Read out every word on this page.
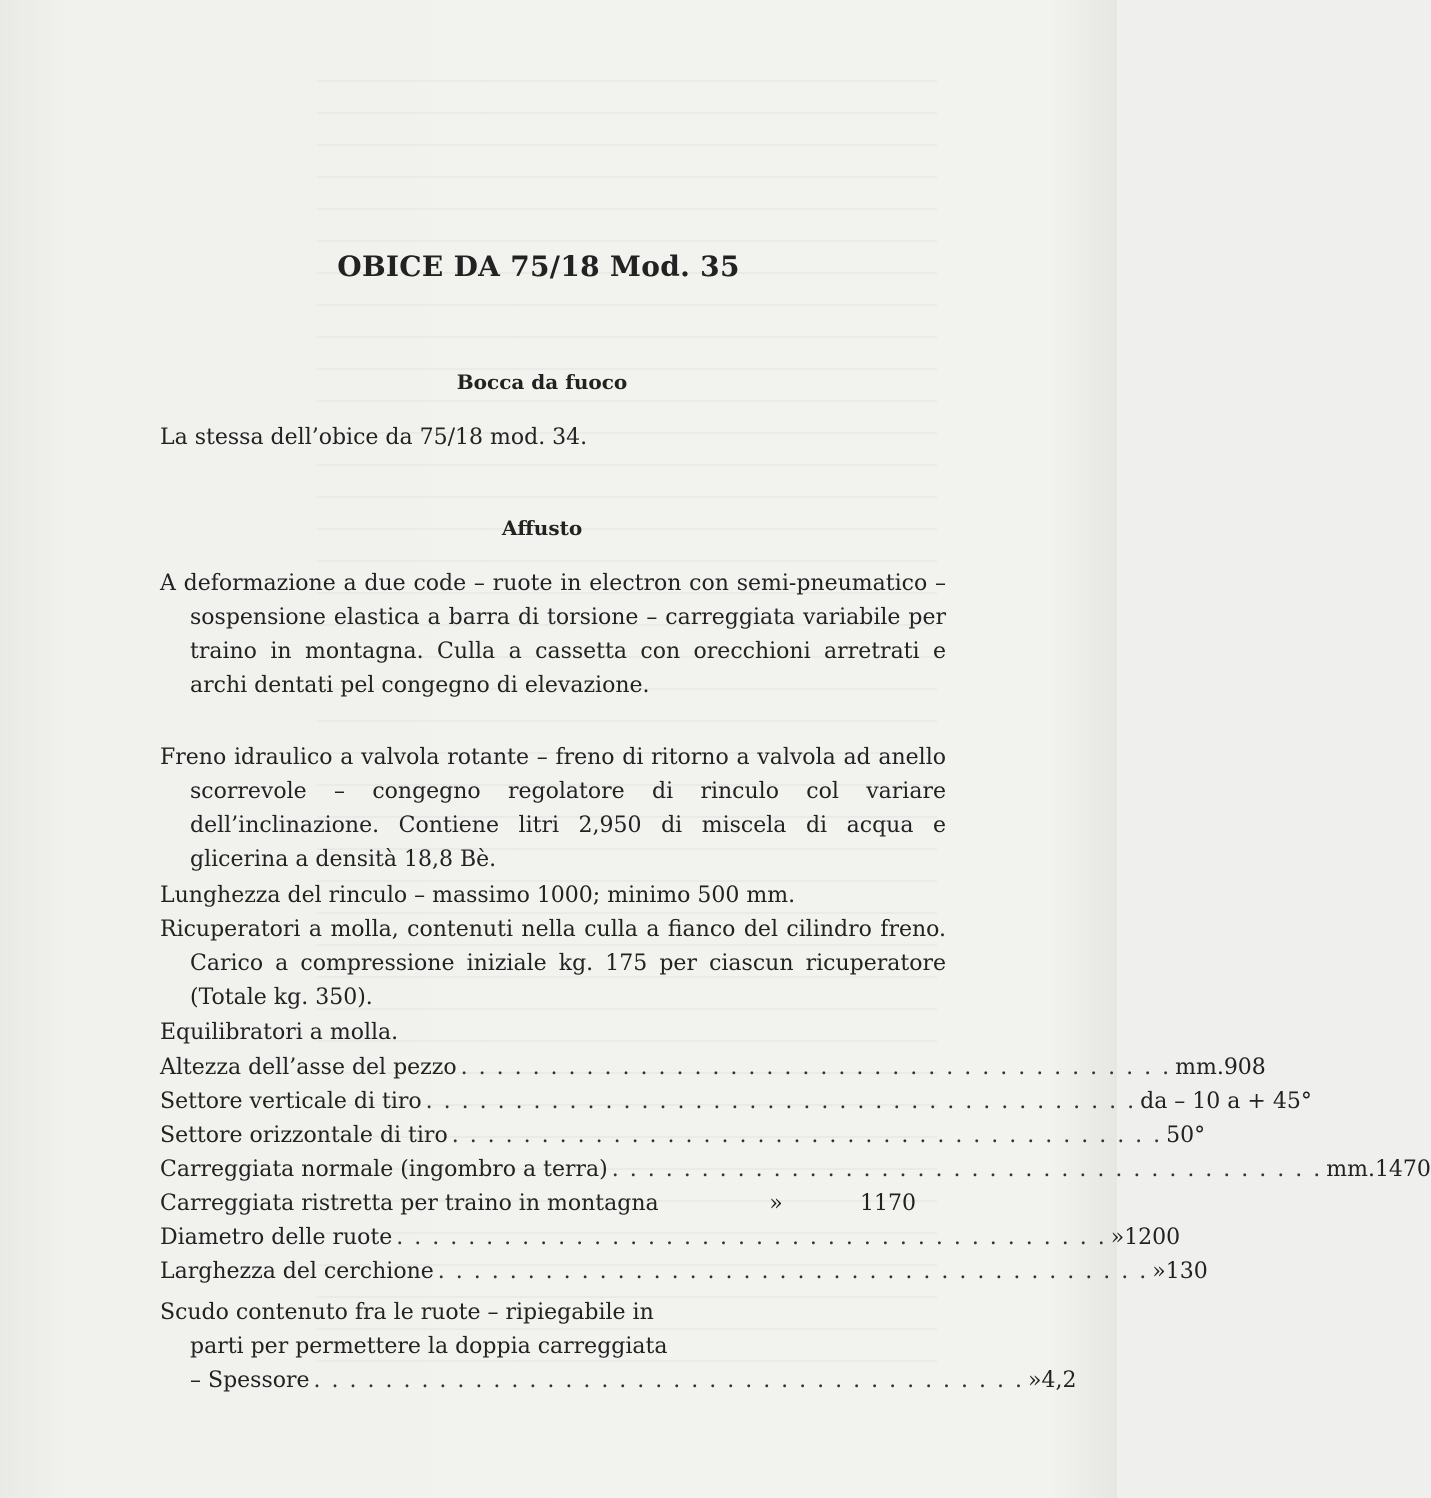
OBICE DA 75/18 Mod. 35
Bocca da fuoco
La stessa dell’obice da 75/18 mod. 34.
Affusto
A deformazione a due code – ruote in electron con semi-pneumatico – sospensione elastica a barra di torsione – carreggiata variabile per traino in montagna. Culla a cassetta con orecchioni arretrati e archi dentati pel congegno di elevazione.
Freno idraulico a valvola rotante – freno di ritorno a valvola ad anello scorrevole – congegno regolatore di rinculo col variare dell’inclinazione. Contiene litri 2,950 di miscela di acqua e glicerina a densità 18,8 Bè.
Lunghezza del rinculo – massimo 1000; minimo 500 mm.
Ricuperatori a molla, contenuti nella culla a fianco del cilindro freno. Carico a compressione iniziale kg. 175 per ciascun ricuperatore (Totale kg. 350).
Equilibratori a molla.
Altezza dell’asse del pezzo . . . . . . . . . . . . . . . . . . . . . . . . . . . . . . . . . . . . . . . . mm. 908
Settore verticale di tiro . . . . . . . . . . . . . . . . . . . . . . . . . . . . . . . . . . . . . . . . da – 10 a + 45°
Settore orizzontale di tiro . . . . . . . . . . . . . . . . . . . . . . . . . . . . . . . . . . . . . . . . 50°
Carreggiata normale (ingombro a terra) . . . . . . . . . . . . . . . . . . . . . . . . . . . . . . . . . . . . . . . . mm. 1470
Carreggiata ristretta per traino in montagna	»	1170
Diametro delle ruote . . . . . . . . . . . . . . . . . . . . . . . . . . . . . . . . . . . . . . . . » 1200
Larghezza del cerchione . . . . . . . . . . . . . . . . . . . . . . . . . . . . . . . . . . . . . . . . » 130
Scudo contenuto fra le ruote – ripiegabile in
parti per permettere la doppia carreggiata
– Spessore . . . . . . . . . . . . . . . . . . . . . . . . . . . . . . . . . . . . . . . . » 4,2
